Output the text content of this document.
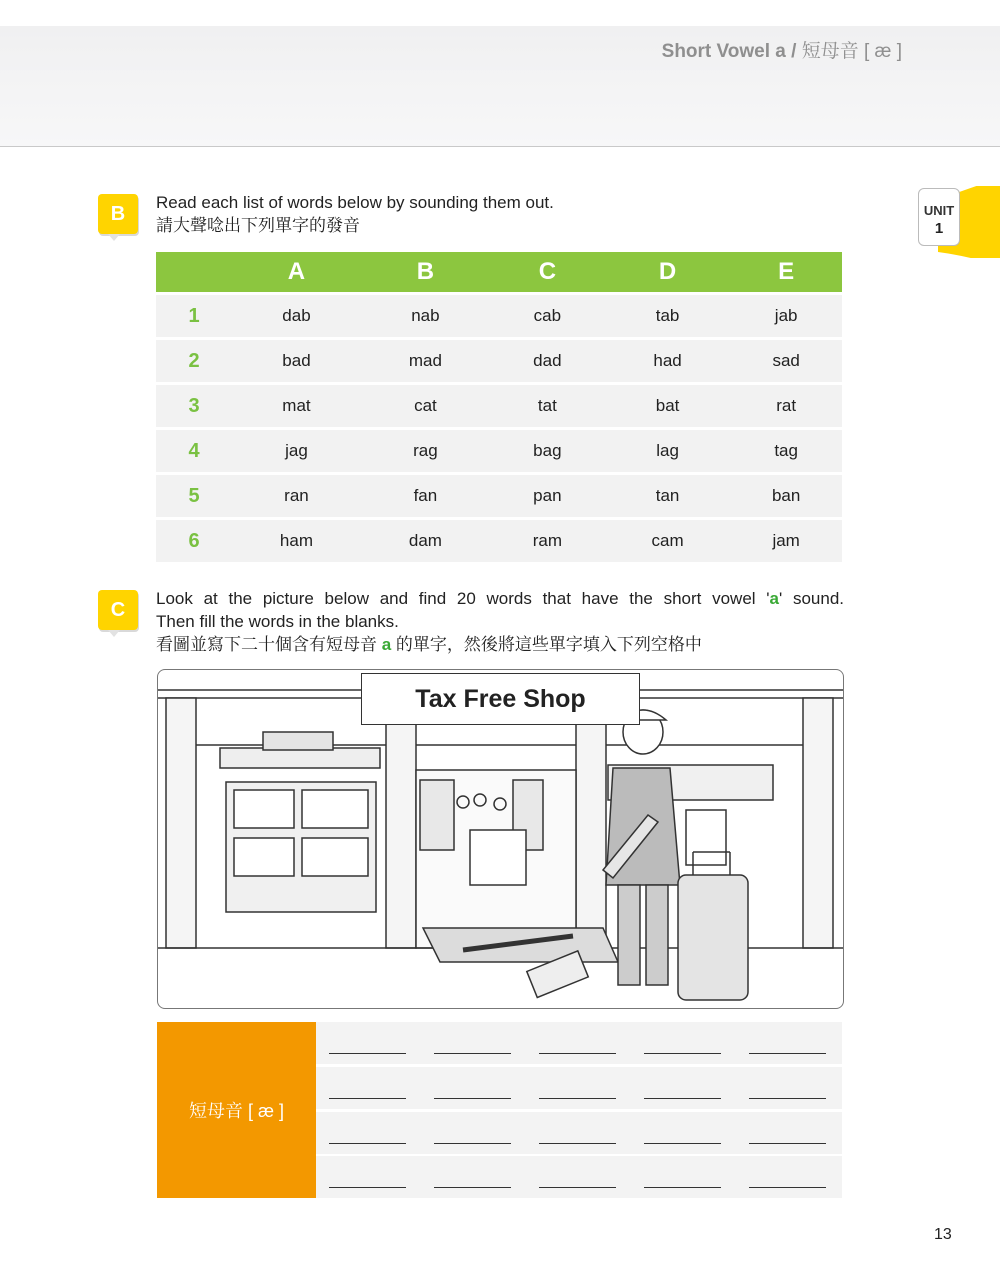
Short Vowel a / 短母音 [ æ ]
UNIT
1
B
Read each list of words below by sounding them out.
請大聲唸出下列單字的發音
	A	B	C	D	E
1	dab	nab	cab	tab	jab
2	bad	mad	dad	had	sad
3	mat	cat	tat	bat	rat
4	jag	rag	bag	lag	tag
5	ran	fan	pan	tan	ban
6	ham	dam	ram	cam	jam
C
Look at the picture below and find 20 words that have the short vowel 'a' sound.
Then fill the words in the blanks.
看圖並寫下二十個含有短母音 a 的單字，然後將這些單字填入下列空格中
Tax Free Shop
短母音 [ æ ]
13
